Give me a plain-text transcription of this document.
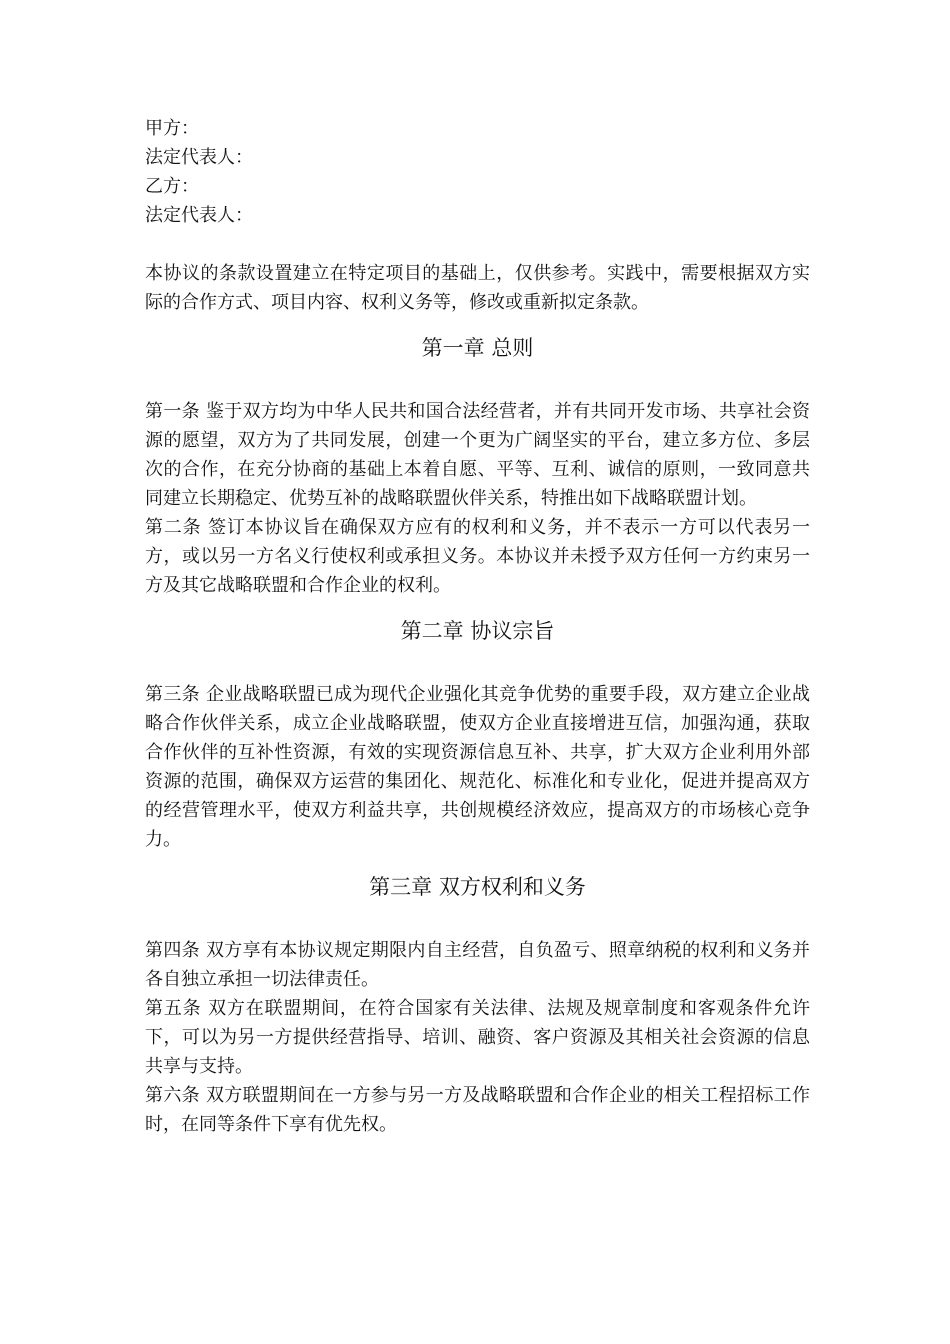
甲方：
法定代表人：
乙方：
法定代表人：
本协议的条款设置建立在特定项目的基础上，仅供参考。实践中，需要根据双方实际的合作方式、项目内容、权利义务等，修改或重新拟定条款。
第一章 总则
第一条 鉴于双方均为中华人民共和国合法经营者，并有共同开发市场、共享社会资源的愿望，双方为了共同发展，创建一个更为广阔坚实的平台，建立多方位、多层次的合作，在充分协商的基础上本着自愿、平等、互利、诚信的原则，一致同意共同建立长期稳定、优势互补的战略联盟伙伴关系，特推出如下战略联盟计划。
第二条 签订本协议旨在确保双方应有的权利和义务，并不表示一方可以代表另一方，或以另一方名义行使权利或承担义务。本协议并未授予双方任何一方约束另一方及其它战略联盟和合作企业的权利。
第二章 协议宗旨
第三条 企业战略联盟已成为现代企业强化其竞争优势的重要手段，双方建立企业战略合作伙伴关系，成立企业战略联盟，使双方企业直接增进互信，加强沟通，获取合作伙伴的互补性资源，有效的实现资源信息互补、共享，扩大双方企业利用外部资源的范围，确保双方运营的集团化、规范化、标准化和专业化，促进并提高双方的经营管理水平，使双方利益共享，共创规模经济效应，提高双方的市场核心竞争力。
第三章 双方权利和义务
第四条 双方享有本协议规定期限内自主经营，自负盈亏、照章纳税的权利和义务并各自独立承担一切法律责任。
第五条 双方在联盟期间，在符合国家有关法律、法规及规章制度和客观条件允许下，可以为另一方提供经营指导、培训、融资、客户资源及其相关社会资源的信息共享与支持。
第六条 双方联盟期间在一方参与另一方及战略联盟和合作企业的相关工程招标工作时，在同等条件下享有优先权。
